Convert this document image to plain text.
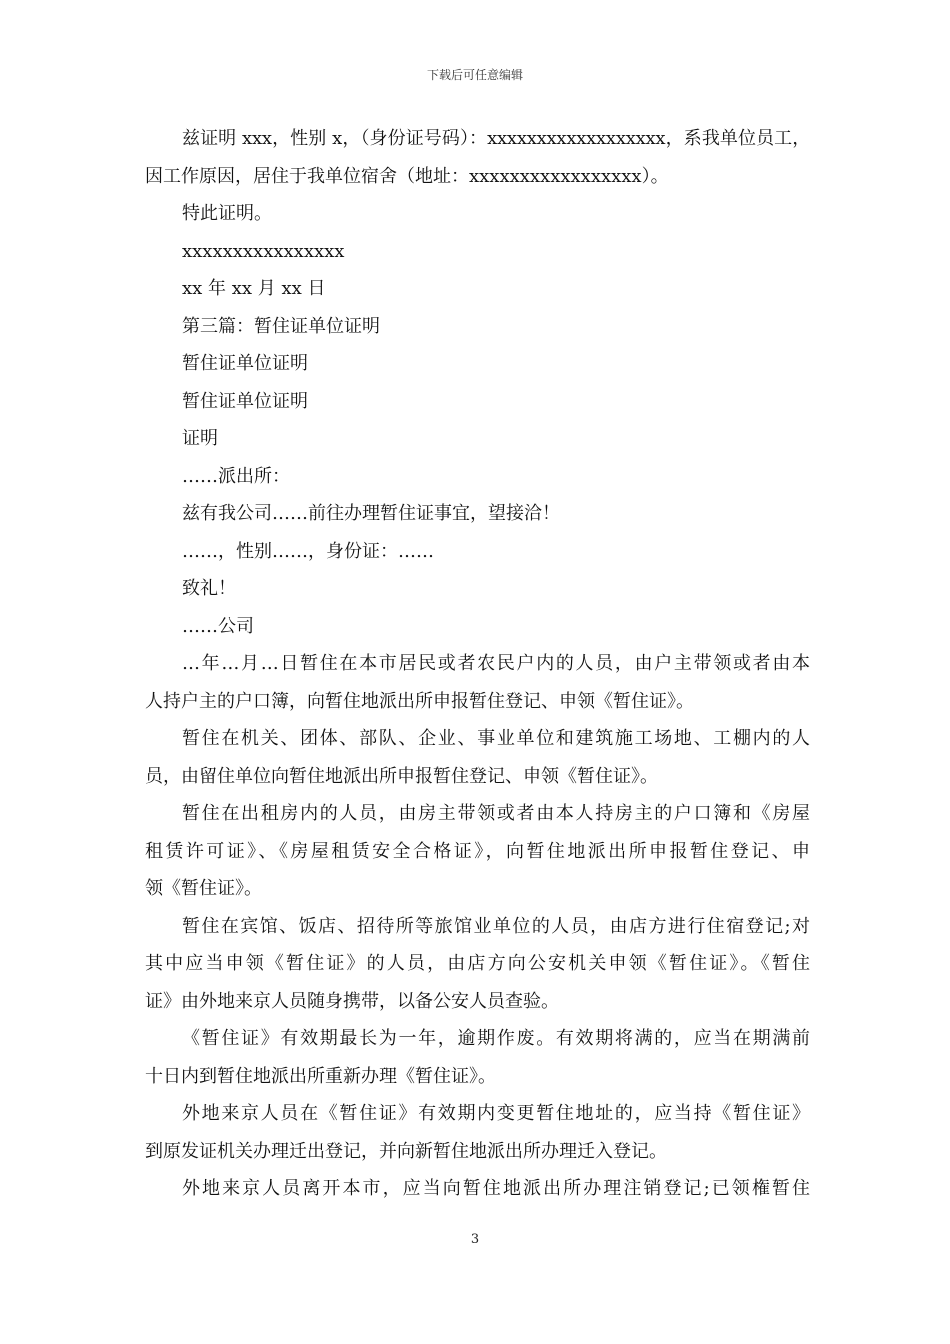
下载后可任意编辑
兹证明 xxx，性别 x，（身份证号码）：xxxxxxxxxxxxxxxxxx，系我单位员工，
因工作原因，居住于我单位宿舍（地址：xxxxxxxxxxxxxxxxx）。
特此证明。
xxxxxxxxxxxxxxxx
xx 年 xx 月 xx 日
第三篇：暂住证单位证明
暂住证单位证明
暂住证单位证明
证明
……派出所：
兹有我公司……前往办理暂住证事宜，望接洽！
……，性别……，身份证：……
致礼！
……公司
…年…月…日暂住在本市居民或者农民户内的人员，由户主带领或者由本
人持户主的户口簿，向暂住地派出所申报暂住登记、申领《暂住证》。
暂住在机关、团体、部队、企业、事业单位和建筑施工场地、工棚内的人
员，由留住单位向暂住地派出所申报暂住登记、申领《暂住证》。
暂住在出租房内的人员，由房主带领或者由本人持房主的户口簿和《房屋
租赁许可证》、《房屋租赁安全合格证》，向暂住地派出所申报暂住登记、申
领《暂住证》。
暂住在宾馆、饭店、招待所等旅馆业单位的人员，由店方进行住宿登记;对
其中应当申领《暂住证》的人员，由店方向公安机关申领《暂住证》。《暂住
证》由外地来京人员随身携带，以备公安人员查验。
《暂住证》有效期最长为一年，逾期作废。有效期将满的，应当在期满前
十日内到暂住地派出所重新办理《暂住证》。
外地来京人员在《暂住证》有效期内变更暂住地址的，应当持《暂住证》
到原发证机关办理迁出登记，并向新暂住地派出所办理迁入登记。
外地来京人员离开本市，应当向暂住地派出所办理注销登记;已领権暂住
3
